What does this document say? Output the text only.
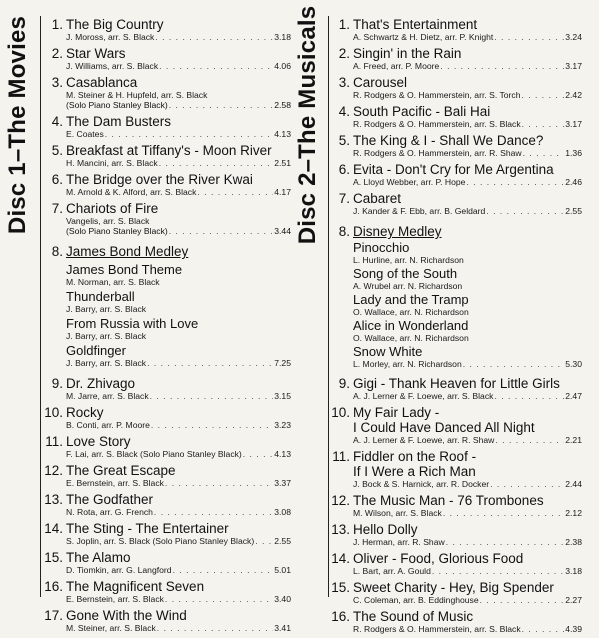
Disc 1–The Movies	1. The Big Country
J. Moross, arr. S. Black . . .	3.18
2. Star Wars
J. Williams, arr. S. Black . . .	4.06
3. Casablanca
M. Steiner & H. Hupfeld, arr. S. Black
(Solo Piano Stanley Black) . . .	2.58
4. The Dam Busters
E. Coates . . .	4.13
5. Breakfast at Tiffany's - Moon River
H. Mancini, arr. S. Black . . .	2.51
6. The Bridge over the River Kwai
M. Arnold & K. Alford, arr. S. Black . . .	4.17
7. Chariots of Fire
Vangelis, arr. S. Black
(Solo Piano Stanley Black) . . .	3.44
8. James Bond Medley
James Bond Theme
M. Norman, arr. S. Black
Thunderball
J. Barry, arr. S. Black
From Russia with Love
J. Barry, arr. S. Black
Goldfinger
J. Barry, arr. S. Black . . .	7.25
9. Dr. Zhivago
M. Jarre, arr. S. Black . . .	3.15
10. Rocky
B. Conti, arr. P. Moore . . .	3.23
11. Love Story
F. Lai, arr. S. Black (Solo Piano Stanley Black) . . .	4.13
12. The Great Escape
E. Bernstein, arr. S. Black . . .	3.37
13. The Godfather
N. Rota, arr. G. French . . .	3.08
14. The Sting - The Entertainer
S. Joplin, arr. S. Black (Solo Piano Stanley Black) . . . 2.55
15. The Alamo
D. Tiomkin, arr. G. Langford . . .	5.01
16. The Magnificent Seven
E. Bernstein, arr. S. Black . . .	3.40
17. Gone With the Wind
M. Steiner, arr. S. Black . . .	3.41
Disc 2–The Musicals	1. That's Entertainment
A. Schwartz & H. Dietz, arr. P. Knight . . .	3.24
2. Singin' in the Rain
A. Freed, arr. P. Moore . . .	3.17
3. Carousel
R. Rodgers & O. Hammerstein, arr. S. Torch . . .	2.42
4. South Pacific - Bali Hai
R. Rodgers & O. Hammerstein, arr. S. Black . . .	3.17
5. The King & I - Shall We Dance?
R. Rodgers & O. Hammerstein, arr. R. Shaw . . .	1.36
6. Evita - Don't Cry for Me Argentina
A. Lloyd Webber, arr. P. Hope . . .	2.46
7. Cabaret
J. Kander & F. Ebb, arr. B. Geldard . . .	2.55
8. Disney Medley
Pinocchio
L. Hurline, arr. N. Richardson
Song of the South
A. Wrubel arr. N. Richardson
Lady and the Tramp
O. Wallace, arr. N. Richardson
Alice in Wonderland
O. Wallace, arr. N. Richardson
Snow White
L. Morley, arr. N. Richardson . . .	5.30
9. Gigi - Thank Heaven for Little Girls
A. J. Lerner & F. Loewe, arr. S. Black . . .	2.47
10. My Fair Lady -
I Could Have Danced All Night
A. J. Lerner & F. Loewe, arr. R. Shaw . . .	2.21
11. Fiddler on the Roof -
If I Were a Rich Man
J. Bock & S. Harnick, arr. R. Docker . . .	2.44
12. The Music Man - 76 Trombones
M. Wilson, arr. S. Black . . .	2.12
13. Hello Dolly
J. Herman, arr. R. Shaw . . .	2.38
14. Oliver - Food, Glorious Food
L. Bart, arr. A. Gould . . .	3.18
15. Sweet Charity - Hey, Big Spender
C. Coleman, arr. B. Eddinghouse . . .	2.27
16. The Sound of Music
R. Rodgers & O. Hammerstein, arr. S. Black . . .	4.39
